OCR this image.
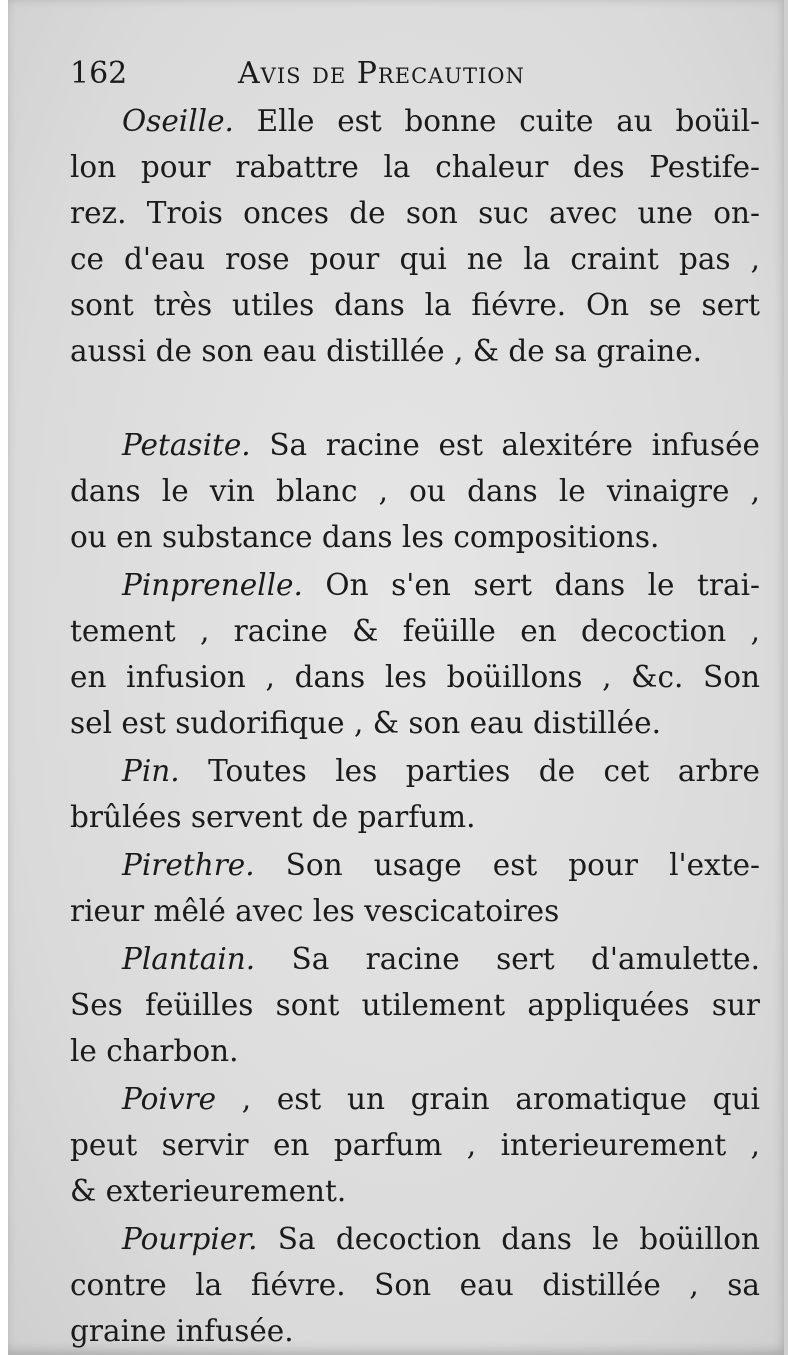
162	Avis de Precaution
Oseille. Elle est bonne cuite au boüil-
lon pour rabattre la chaleur des Pestife-
rez. Trois onces de son suc avec une on-
ce d'eau rose pour qui ne la craint pas ,
sont très utiles dans la fiévre. On se sert
aussi de son eau distillée , & de sa graine.
Petasite. Sa racine est alexitére infusée
dans le vin blanc , ou dans le vinaigre ,
ou en substance dans les compositions.
Pinprenelle. On s'en sert dans le trai-
tement , racine & feüille en decoction ,
en infusion , dans les boüillons , &c. Son
sel est sudorifique , & son eau distillée.
Pin. Toutes les parties de cet arbre
brûlées servent de parfum.
Pirethre. Son usage est pour l'exte-
rieur mêlé avec les vescicatoires
Plantain. Sa racine sert d'amulette.
Ses feüilles sont utilement appliquées sur
le charbon.
Poivre , est un grain aromatique qui
peut servir en parfum , interieurement ,
& exterieurement.
Pourpier. Sa decoction dans le boüillon
contre la fiévre. Son eau distillée , sa
graine infusée.
